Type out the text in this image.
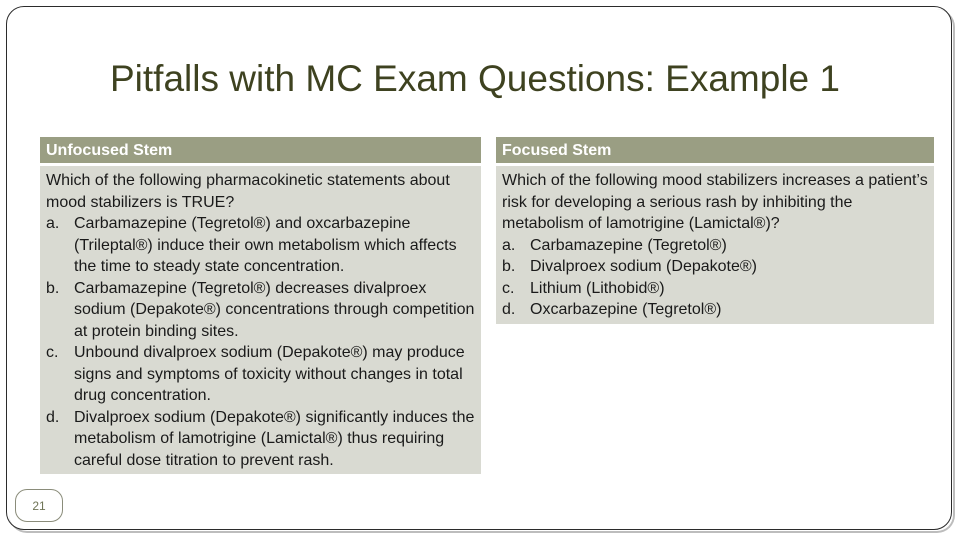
Pitfalls with MC Exam Questions: Example 1
Unfocused Stem

Which of the following pharmacokinetic statements about mood stabilizers is TRUE?

a. Carbamazepine (Tegretol®) and oxcarbazepine (Trileptal®) induce their own metabolism which affects the time to steady state concentration.
b. Carbamazepine (Tegretol®) decreases divalproex sodium (Depakote®) concentrations through competition at protein binding sites.
c. Unbound divalproex sodium (Depakote®) may produce signs and symptoms of toxicity without changes in total drug concentration.
d. Divalproex sodium (Depakote®) significantly induces the metabolism of lamotrigine (Lamictal®) thus requiring careful dose titration to prevent rash.
Focused Stem

Which of the following mood stabilizers increases a patient’s risk for developing a serious rash by inhibiting the metabolism of lamotrigine (Lamictal®)?

a. Carbamazepine (Tegretol®)
b. Divalproex sodium (Depakote®)
c. Lithium (Lithobid®)
d. Oxcarbazepine (Tegretol®)
21
